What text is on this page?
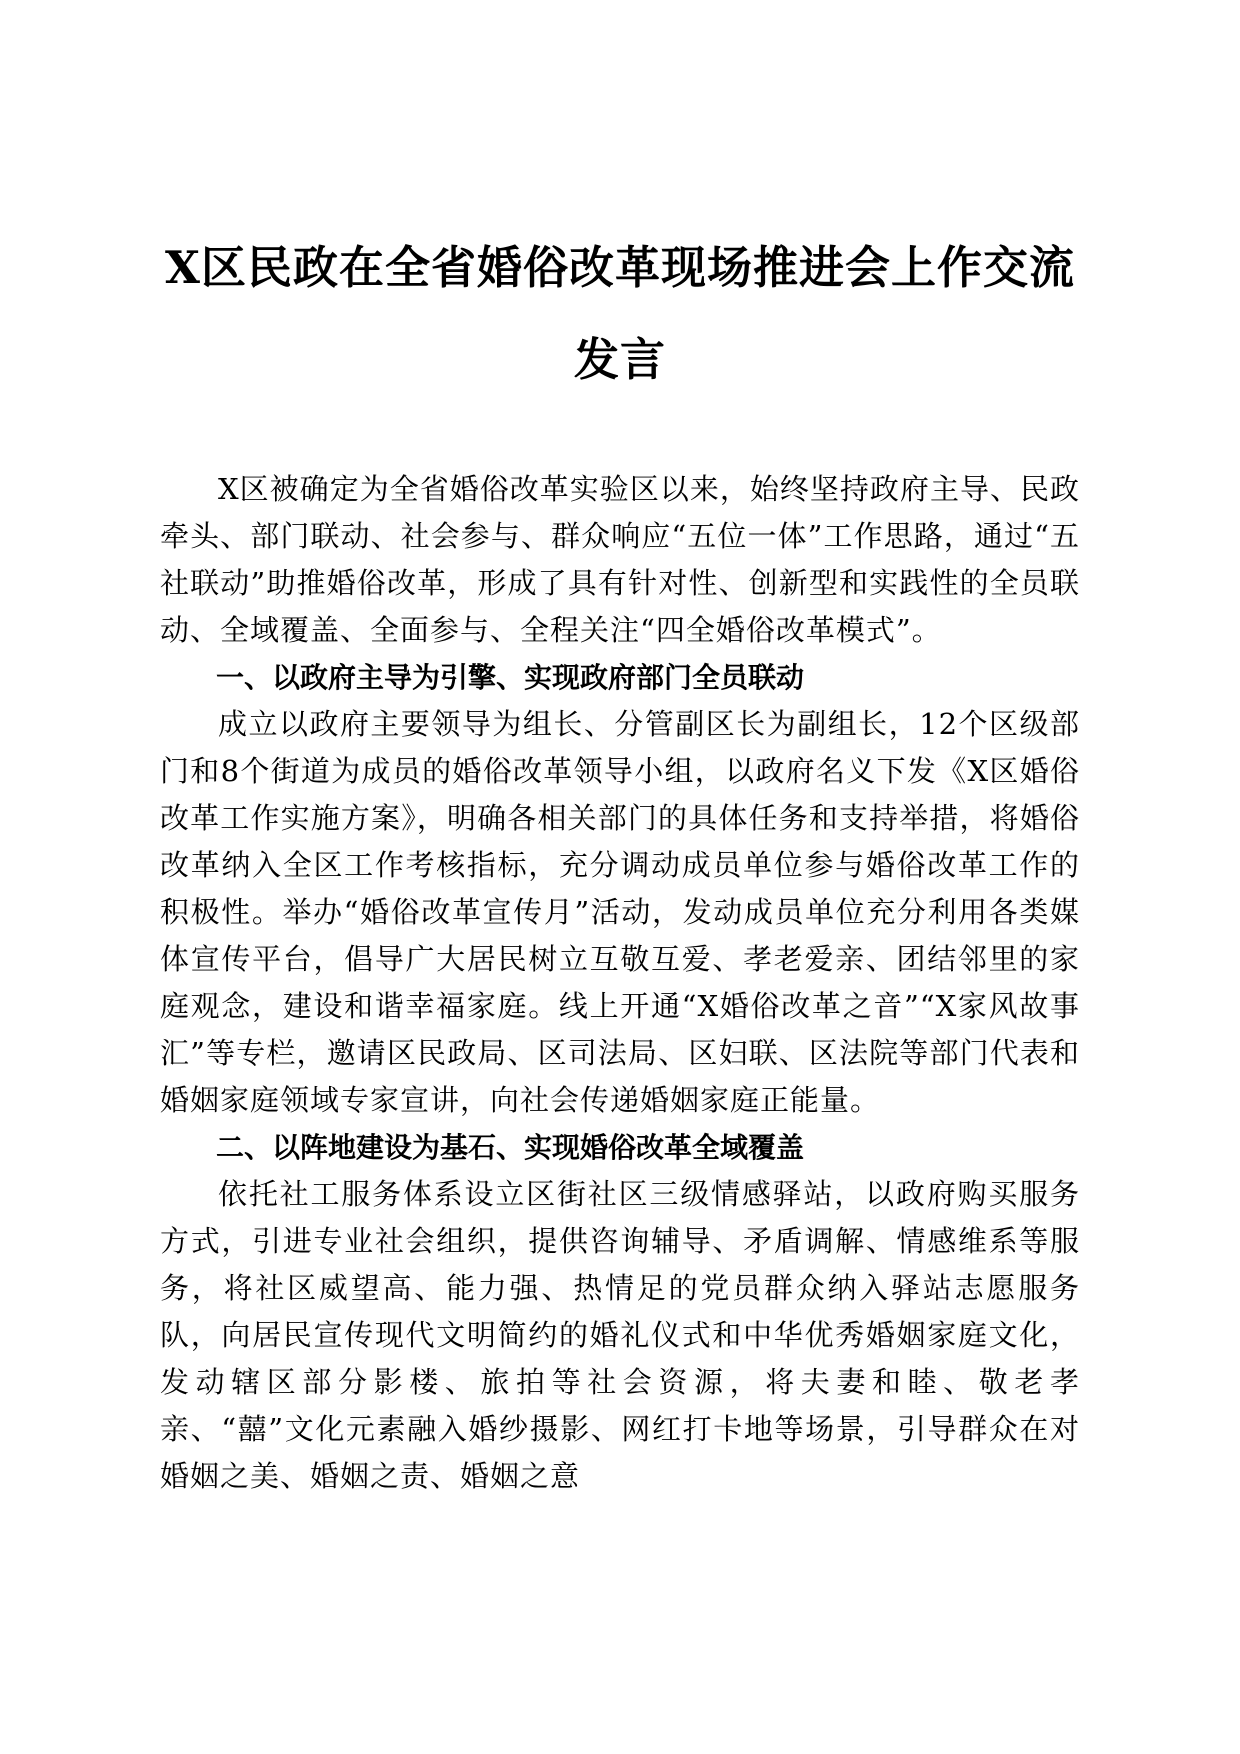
X区民政在全省婚俗改革现场推进会上作交流
发言

X区被确定为全省婚俗改革实验区以来，始终坚持政府主导、民政牵头、部门联动、社会参与、群众响应“五位一体”工作思路，通过“五社联动”助推婚俗改革，形成了具有针对性、创新型和实践性的全员联动、全域覆盖、全面参与、全程关注“四全婚俗改革模式”。

一、以政府主导为引擎、实现政府部门全员联动

成立以政府主要领导为组长、分管副区长为副组长，12个区级部门和8个街道为成员的婚俗改革领导小组，以政府名义下发《X区婚俗改革工作实施方案》，明确各相关部门的具体任务和支持举措，将婚俗改革纳入全区工作考核指标，充分调动成员单位参与婚俗改革工作的积极性。举办“婚俗改革宣传月”活动，发动成员单位充分利用各类媒体宣传平台，倡导广大居民树立互敬互爱、孝老爱亲、团结邻里的家庭观念，建设和谐幸福家庭。线上开通“X婚俗改革之音”“X家风故事汇”等专栏，邀请区民政局、区司法局、区妇联、区法院等部门代表和婚姻家庭领域专家宣讲，向社会传递婚姻家庭正能量。

二、以阵地建设为基石、实现婚俗改革全域覆盖

依托社工服务体系设立区街社区三级情感驿站，以政府购买服务方式，引进专业社会组织，提供咨询辅导、矛盾调解、情感维系等服务，将社区威望高、能力强、热情足的党员群众纳入驿站志愿服务队，向居民宣传现代文明简约的婚礼仪式和中华优秀婚姻家庭文化，发动辖区部分影楼、旅拍等社会资源，将夫妻和睦、敬老孝亲、“囍”文化元素融入婚纱摄影、网红打卡地等场景，引导群众在对婚姻之美、婚姻之责、婚姻之意
